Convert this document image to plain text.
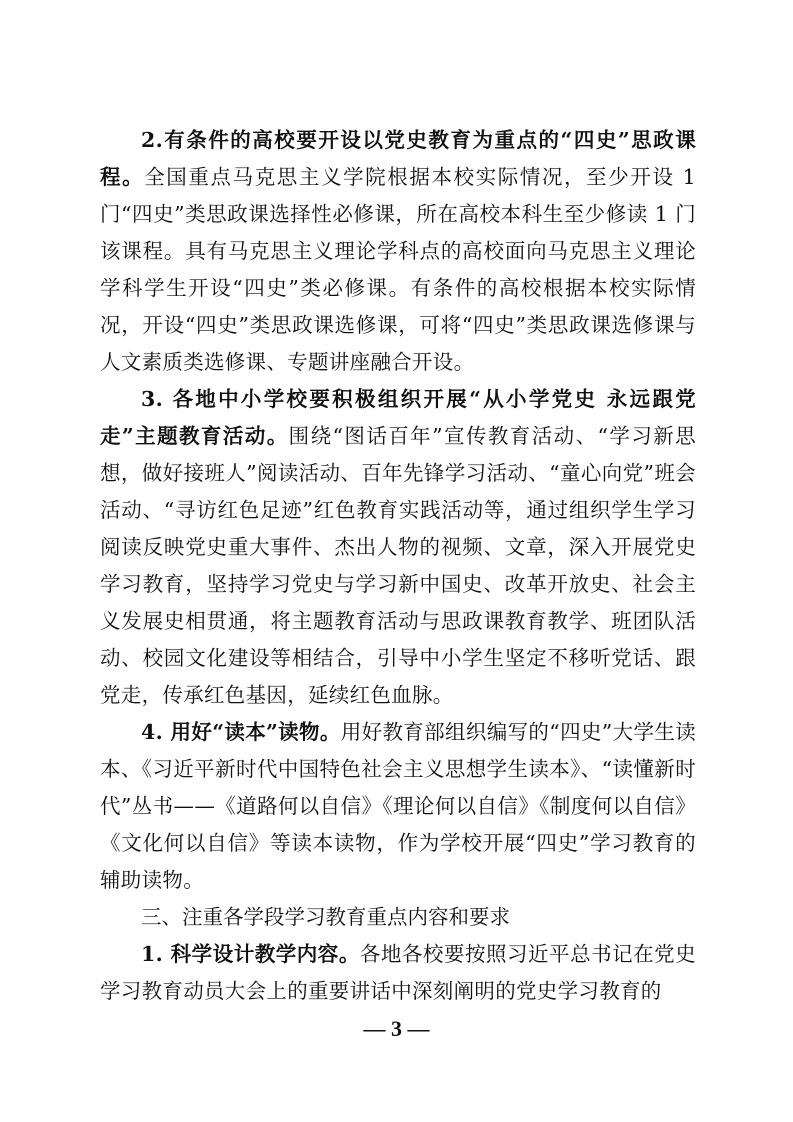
2.有条件的高校要开设以党史教育为重点的“四史”思政课程。全国重点马克思主义学院根据本校实际情况，至少开设 1 门“四史”类思政课选择性必修课，所在高校本科生至少修读 1 门该课程。具有马克思主义理论学科点的高校面向马克思主义理论学科学生开设“四史”类必修课。有条件的高校根据本校实际情况，开设“四史”类思政课选修课，可将“四史”类思政课选修课与人文素质类选修课、专题讲座融合开设。

3. 各地中小学校要积极组织开展“从小学党史 永远跟党走”主题教育活动。围绕“图话百年”宣传教育活动、“学习新思想，做好接班人”阅读活动、百年先锋学习活动、“童心向党”班会活动、“寻访红色足迹”红色教育实践活动等，通过组织学生学习阅读反映党史重大事件、杰出人物的视频、文章，深入开展党史学习教育，坚持学习党史与学习新中国史、改革开放史、社会主义发展史相贯通，将主题教育活动与思政课教育教学、班团队活动、校园文化建设等相结合，引导中小学生坚定不移听党话、跟党走，传承红色基因，延续红色血脉。

4. 用好“读本”读物。用好教育部组织编写的“四史”大学生读本、《习近平新时代中国特色社会主义思想学生读本》、“读懂新时代”丛书——《道路何以自信》《理论何以自信》《制度何以自信》《文化何以自信》等读本读物，作为学校开展“四史”学习教育的辅助读物。

三、注重各学段学习教育重点内容和要求

1. 科学设计教学内容。各地各校要按照习近平总书记在党史学习教育动员大会上的重要讲话中深刻阐明的党史学习教育的

— 3 —
